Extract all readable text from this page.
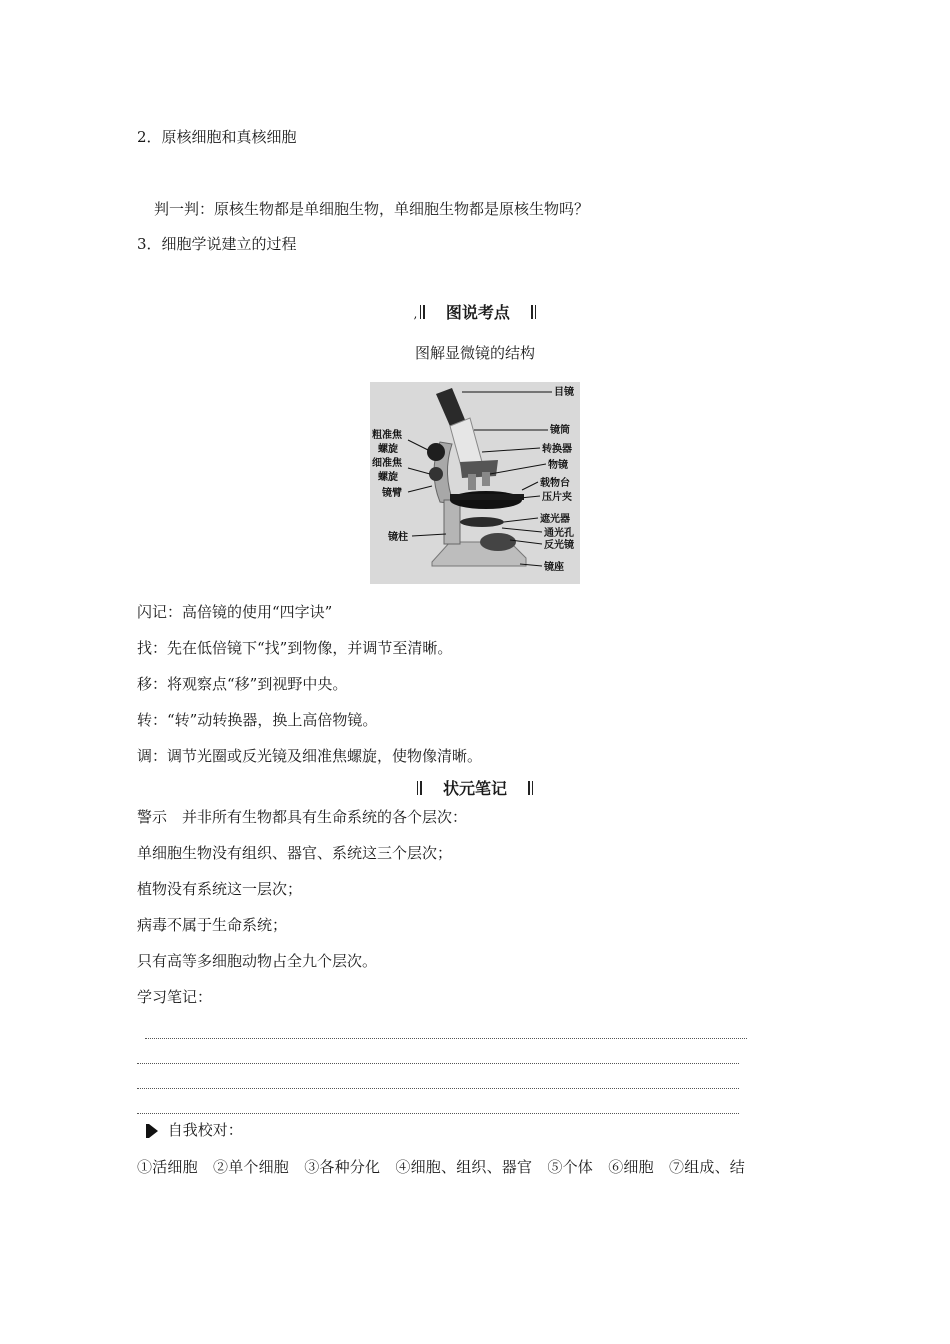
2．原核细胞和真核细胞
判一判：原核生物都是单细胞生物，单细胞生物都是原核生物吗？
3．细胞学说建立的过程
, 图说考点
图解显微镜的结构
目镜
镜筒
转换器
物镜
载物台
压片夹
遮光器
通光孔
反光镜
镜座
粗准焦
螺旋
细准焦
螺旋
镜臂
镜柱
闪记：高倍镜的使用“四字诀”
找：先在低倍镜下“找”到物像，并调节至清晰。
移：将观察点“移”到视野中央。
转：“转”动转换器，换上高倍物镜。
调：调节光圈或反光镜及细准焦螺旋，使物像清晰。
状元笔记
警示　并非所有生物都具有生命系统的各个层次：
单细胞生物没有组织、器官、系统这三个层次；
植物没有系统这一层次；
病毒不属于生命系统；
只有高等多细胞动物占全九个层次。
学习笔记：
自我校对：
①活细胞　②单个细胞　③各种分化　④细胞、组织、器官　⑤个体　⑥细胞　⑦组成、结
